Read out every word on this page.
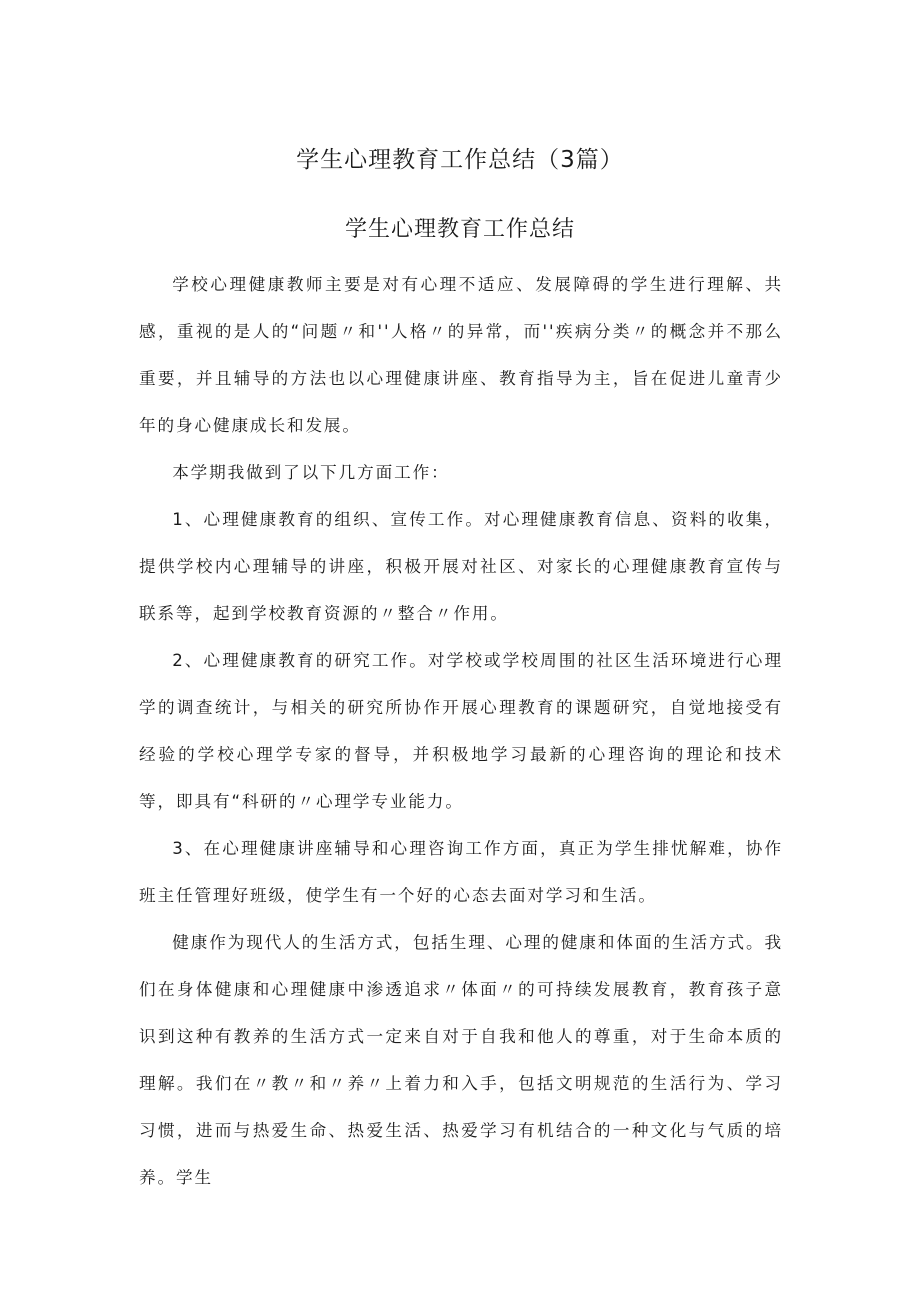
学生心理教育工作总结（3篇）
学生心理教育工作总结

学校心理健康教师主要是对有心理不适应、发展障碍的学生进行理解、共感，重视的是人的“问题〃和''人格〃的异常，而''疾病分类〃的概念并不那么重要，并且辅导的方法也以心理健康讲座、教育指导为主，旨在促进儿童青少年的身心健康成长和发展。

本学期我做到了以下几方面工作：

1、心理健康教育的组织、宣传工作。对心理健康教育信息、资料的收集，提供学校内心理辅导的讲座，积极开展对社区、对家长的心理健康教育宣传与联系等，起到学校教育资源的〃整合〃作用。

2、心理健康教育的研究工作。对学校或学校周围的社区生活环境进行心理学的调查统计，与相关的研究所协作开展心理教育的课题研究，自觉地接受有经验的学校心理学专家的督导，并积极地学习最新的心理咨询的理论和技术等，即具有“科研的〃心理学专业能力。

3、在心理健康讲座辅导和心理咨询工作方面，真正为学生排忧解难，协作班主任管理好班级，使学生有一个好的心态去面对学习和生活。

健康作为现代人的生活方式，包括生理、心理的健康和体面的生活方式。我们在身体健康和心理健康中渗透追求〃体面〃的可持续发展教育，教育孩子意识到这种有教养的生活方式一定来自对于自我和他人的尊重，对于生命本质的理解。我们在〃教〃和〃养〃上着力和入手，包括文明规范的生活行为、学习习惯，进而与热爱生命、热爱生活、热爱学习有机结合的一种文化与气质的培养。学生
